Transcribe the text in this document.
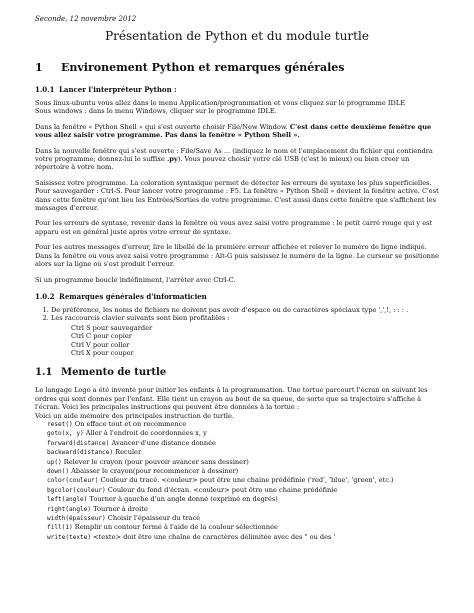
Seconde, 12 novembre 2012
Présentation de Python et du module turtle
1 Environement Python et remarques générales
1.0.1 Lancer l'interpréteur Python :

Sous linux-ubuntu vous allez dans le menu Application/programmation et vous cliquez sur le programme IDLE
Sous windows : dans le menu Windows, cliquer sur le programme IDLE.

Dans la fenêtre « Python Shell » qui s'est ouverte choisir File/New Window. C'est dans cette deuxième fenêtre que vous allez saisir votre programme. Pas dans la fenêtre « Python Shell ».

Dans la nouvelle fenêtre qui s'est ouverte : File/Save As ... (indiquez le nom et l'emplacement du fichier qui contiendra votre programme; donnez-lui le suffixe .py). Vous pouvez choisir votre clé USB (c'est le mieux) ou bien creer un répertoire à votre nom.

Saisissez votre programme. La coloration syntaxique permet de détecter les erreurs de syntaxe les plus superficielles. Pour sauvegarder : Ctrl-S. Pour lancer votre programme : F5. La fenêtre « Python Shell » devient la fenêtre active. C'est dans cette fenêtre qu'ont lieu les Entrées/Sorties de votre programme. C'est aussi dans cette fenêtre que s'affichent les messages d'erreur.

Pour les erreurs de syntaxe, revenir dans la fenêtre où vous avez saisi votre programme : le petit carré rouge qui y est apparu est en général juste après votre erreur de syntaxe.

Pour les autres messages d'erreur, lire le libellé de la première erreur affichée et relever le numéro de ligne indiqué. Dans la fenêtre où vous avez saisi votre programme : Alt-G puis saisissez le numéro de la ligne. Le curseur se positionne alors sur la ligne où s'est produit l'erreur.

Si un programme boucle indéfiniment, l'arrêter avec Ctrl-C.

1.0.2 Remarques générales d'informaticien
1. De préférence, les noms de fichiers ne doivent pas avoir d'espace ou de caractères spéciaux type ',',!, : : : .
2. Les raccourcis clavier suivants sont bien profitables :
Ctrl S pour sauvegarder
Ctrl C pour copier
Ctrl V pour coller
Ctrl X pour couper
1.1 Memento de turtle

Le langage Logo a été inventé pour initier les enfants à la programmation. Une tortue parcourt l'écran en suivant les ordres qui sont donnés par l'enfant. Elle tient un crayon au bout de sa queue, de sorte que sa trajectoire s'affiche à l'écran. Voici les principales instructions qui peuvent être données à la tortue :
Voici un aide mémoire des principales instruction de turtle.

reset() On efface tout et on recommence
goto(x, y) Aller à l'endroit de coordonnées x, y
forward(distance) Avancer d'une distance donnée
backward(distance) Reculer
up() Relever le crayon (pour pouvoir avancer sans dessiner)
down() Abaisser le crayon(pour recommencer à dessiner)
color(couleur) Couleur du tracé. <couleur> peut être une chaine prédéfinie ('red', 'blue', 'green', etc.)
bgcolor(couleur) Couleur du fond d'écran. <couleur> peut être une chaine prédéfinie
left(angle) Tourner à gauche d'un angle donné (exprimé en degrés)
right(angle) Tourner à droite
width(épaisseur) Choisir l'épaisseur du tracé
fill(1) Remplir un contour fermé à l'aide de la couleur sélectionnée
write(texte) <texte> doit être une chaîne de caractères délimitée avec des " ou des '
